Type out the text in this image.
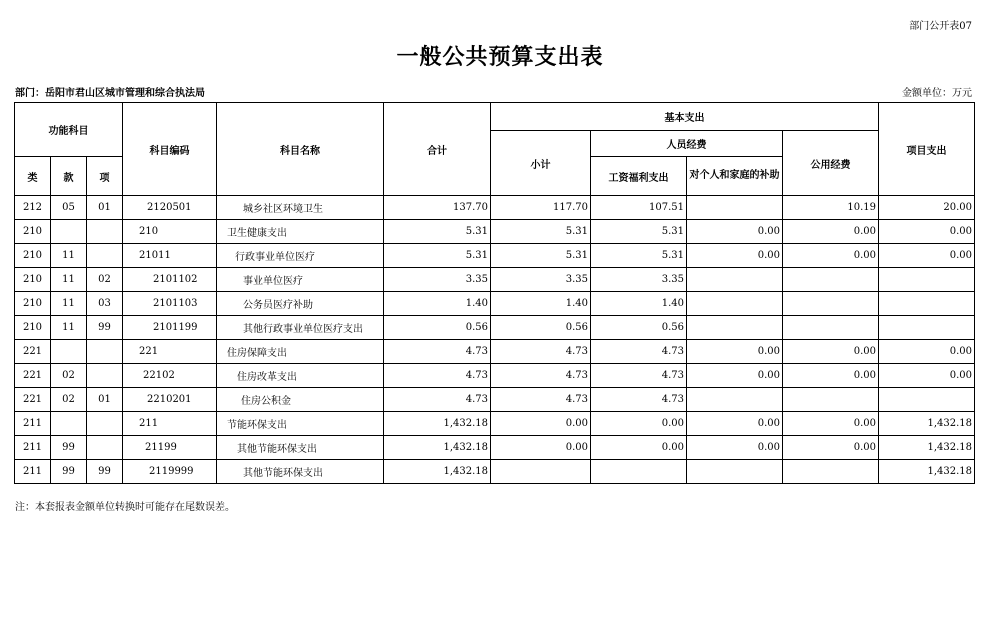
部门公开表07
一般公共预算支出表
部门：岳阳市君山区城市管理和综合执法局	金额单位：万元
功能科目			科目编码	科目名称	合计	基本支出				项目支出
						小计	人员经费		公用经费	
类	款	项					工资福利支出	对个人和家庭的补助		
212	05	01	2120501	城乡社区环境卫生	137.70	117.70	107.51		10.19	20.00
210			210	卫生健康支出	5.31	5.31	5.31	0.00	0.00	0.00
210	11		21011	行政事业单位医疗	5.31	5.31	5.31	0.00	0.00	0.00
210	11	02	2101102	事业单位医疗	3.35	3.35	3.35			
210	11	03	2101103	公务员医疗补助	1.40	1.40	1.40			
210	11	99	2101199	其他行政事业单位医疗支出	0.56	0.56	0.56			
221			221	住房保障支出	4.73	4.73	4.73	0.00	0.00	0.00
221	02		22102	住房改革支出	4.73	4.73	4.73	0.00	0.00	0.00
221	02	01	2210201	住房公积金	4.73	4.73	4.73			
211			211	节能环保支出	1,432.18	0.00	0.00	0.00	0.00	1,432.18
211	99		21199	其他节能环保支出	1,432.18	0.00	0.00	0.00	0.00	1,432.18
211	99	99	2119999	其他节能环保支出	1,432.18					1,432.18
注：本套报表金额单位转换时可能存在尾数误差。
